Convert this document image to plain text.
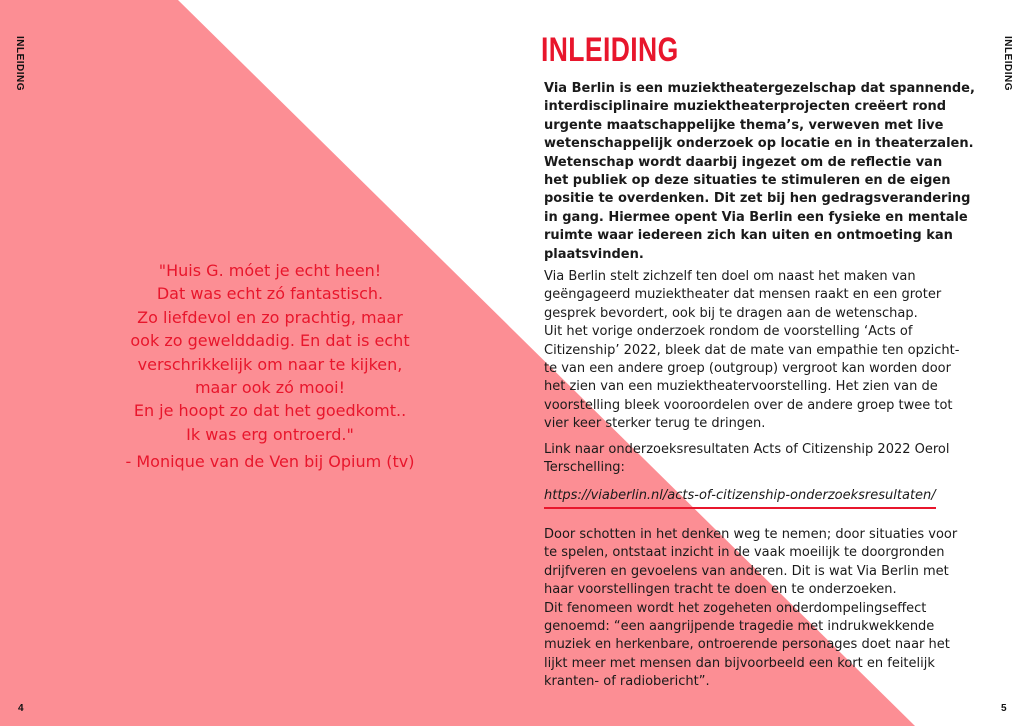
INLEIDING	INLEIDING
"Huis G. móet je echt heen!
Dat was echt zó fantastisch.
Zo liefdevol en zo prachtig, maar
ook zo gewelddadig. En dat is echt
verschrikkelijk om naar te kijken,
maar ook zó mooi!
En je hoopt zo dat het goedkomt..
Ik was erg ontroerd."
- Monique van de Ven bij Opium (tv)
INLEIDING
Via Berlin is een muziektheatergezelschap dat spannende,
interdisciplinaire muziektheaterprojecten creëert rond
urgente maatschappelijke thema’s, verweven met live
wetenschappelijk onderzoek op locatie en in theaterzalen.
Wetenschap wordt daarbij ingezet om de reflectie van
het publiek op deze situaties te stimuleren en de eigen
positie te overdenken. Dit zet bij hen gedragsverandering
in gang. Hiermee opent Via Berlin een fysieke en mentale
ruimte waar iedereen zich kan uiten en ontmoeting kan
plaatsvinden.
Via Berlin stelt zichzelf ten doel om naast het maken van
geëngageerd muziektheater dat mensen raakt en een groter
gesprek bevordert, ook bij te dragen aan de wetenschap.
Uit het vorige onderzoek rondom de voorstelling ‘Acts of
Citizenship’ 2022, bleek dat de mate van empathie ten opzicht-
te van een andere groep (outgroup) vergroot kan worden door
het zien van een muziektheatervoorstelling. Het zien van de
voorstelling bleek vooroordelen over de andere groep twee tot
vier keer sterker terug te dringen.
Link naar onderzoeksresultaten Acts of Citizenship 2022 Oerol
Terschelling:
https://viaberlin.nl/acts-of-citizenship-onderzoeksresultaten/
Door schotten in het denken weg te nemen; door situaties voor
te spelen, ontstaat inzicht in de vaak moeilijk te doorgronden
drijfveren en gevoelens van anderen. Dit is wat Via Berlin met
haar voorstellingen tracht te doen en te onderzoeken.
Dit fenomeen wordt het zogeheten onderdompelingseffect
genoemd: “een aangrijpende tragedie met indrukwekkende
muziek en herkenbare, ontroerende personages doet naar het
lijkt meer met mensen dan bijvoorbeeld een kort en feitelijk
kranten- of radiobericht”.
4	5
